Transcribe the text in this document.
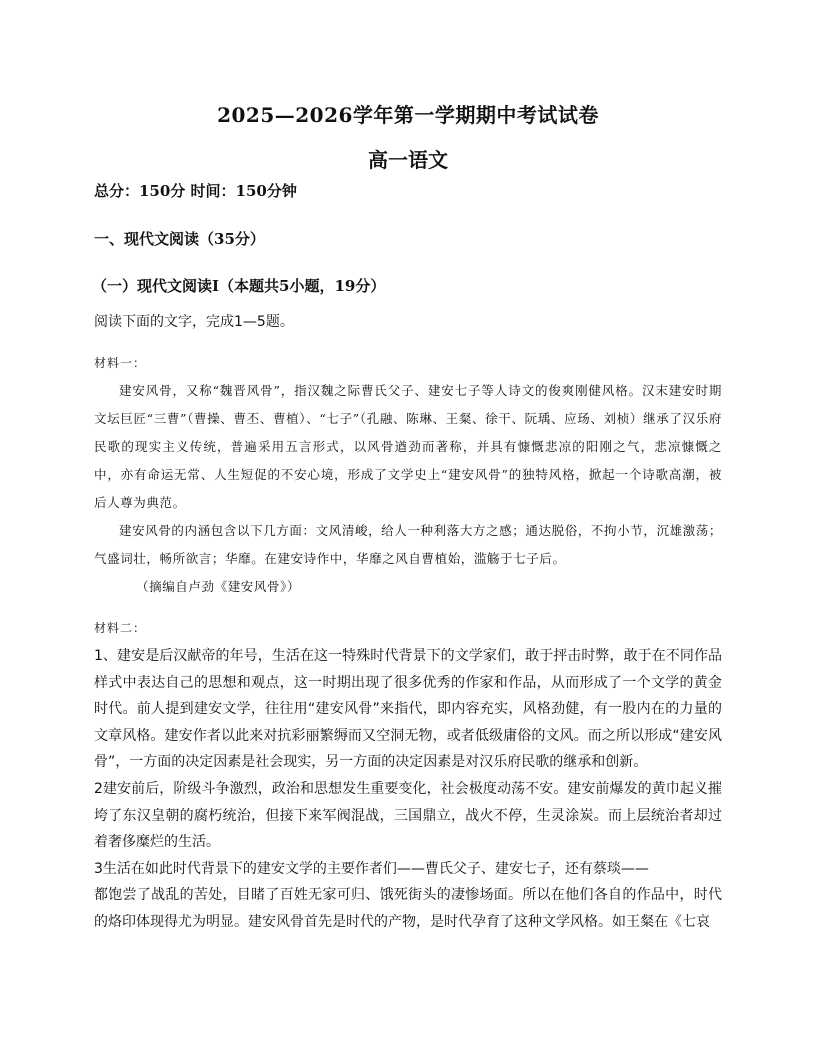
2025—2026学年第一学期期中考试试卷
高一语文
总分：150分 时间：150分钟
一、现代文阅读（35分）
（一）现代文阅读Ⅰ（本题共5小题，19分）
阅读下面的文字，完成1—5题。
材料一：

建安风骨，又称“魏晋风骨”，指汉魏之际曹氏父子、建安七子等人诗文的俊爽刚健风格。汉末建安时期文坛巨匠“三曹”（曹操、曹丕、曹植）、“七子”（孔融、陈琳、王粲、徐干、阮瑀、应玚、刘桢）继承了汉乐府民歌的现实主义传统，普遍采用五言形式，以风骨遒劲而著称，并具有慷慨悲凉的阳刚之气，悲凉慷慨之中，亦有命运无常、人生短促的不安心境，形成了文学史上“建安风骨”的独特风格，掀起一个诗歌高潮，被后人尊为典范。

建安风骨的内涵包含以下几方面：文风清峻，给人一种利落大方之感；通达脱俗，不拘小节，沉雄激荡；气盛词壮，畅所欲言；华靡。在建安诗作中，华靡之风自曹植始，滥觞于七子后。

（摘编自卢劲《建安风骨》）

材料二：

1、建安是后汉献帝的年号，生活在这一特殊时代背景下的文学家们，敢于抨击时弊，敢于在不同作品样式中表达自己的思想和观点，这一时期出现了很多优秀的作家和作品，从而形成了一个文学的黄金时代。前人提到建安文学，往往用“建安风骨”来指代，即内容充实，风格劲健，有一股内在的力量的文章风格。建安作者以此来对抗彩丽繁缛而又空洞无物，或者低级庸俗的文风。而之所以形成“建安风骨”，一方面的决定因素是社会现实，另一方面的决定因素是对汉乐府民歌的继承和创新。

2建安前后，阶级斗争激烈，政治和思想发生重要变化，社会极度动荡不安。建安前爆发的黄巾起义摧垮了东汉皇朝的腐朽统治，但接下来军阀混战，三国鼎立，战火不停，生灵涂炭。而上层统治者却过着奢侈糜烂的生活。

3生活在如此时代背景下的建安文学的主要作者们——曹氏父子、建安七子，还有蔡琰——

都饱尝了战乱的苦处，目睹了百姓无家可归、饿死街头的凄惨场面。所以在他们各自的作品中，时代的烙印体现得尤为明显。建安风骨首先是时代的产物，是时代孕育了这种文学风格。如王粲在《七哀
